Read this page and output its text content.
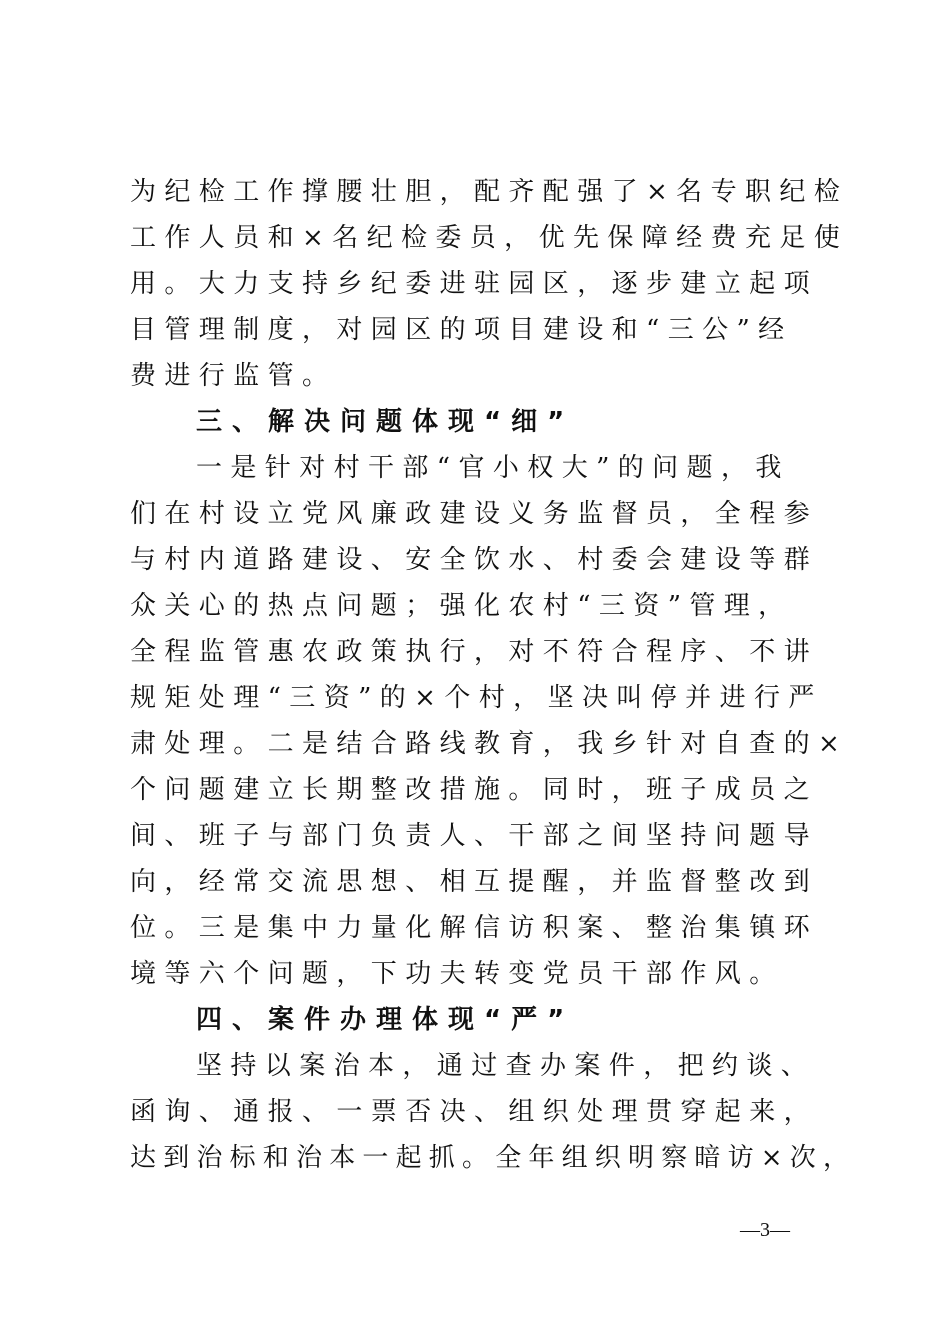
为纪检工作撑腰壮胆，配齐配强了×名专职纪检
工作人员和×名纪检委员，优先保障经费充足使
用。大力支持乡纪委进驻园区，逐步建立起项
目管理制度，对园区的项目建设和“三公”经
费进行监管。
三、解决问题体现“细”
一是针对村干部“官小权大”的问题，我
们在村设立党风廉政建设义务监督员，全程参
与村内道路建设、安全饮水、村委会建设等群
众关心的热点问题；强化农村“三资”管理，
全程监管惠农政策执行，对不符合程序、不讲
规矩处理“三资”的×个村，坚决叫停并进行严
肃处理。二是结合路线教育，我乡针对自查的×
个问题建立长期整改措施。同时，班子成员之
间、班子与部门负责人、干部之间坚持问题导
向，经常交流思想、相互提醒，并监督整改到
位。三是集中力量化解信访积案、整治集镇环
境等六个问题，下功夫转变党员干部作风。
四、案件办理体现“严”
坚持以案治本，通过查办案件，把约谈、
函询、通报、一票否决、组织处理贯穿起来，
达到治标和治本一起抓。全年组织明察暗访×次，
—3—
